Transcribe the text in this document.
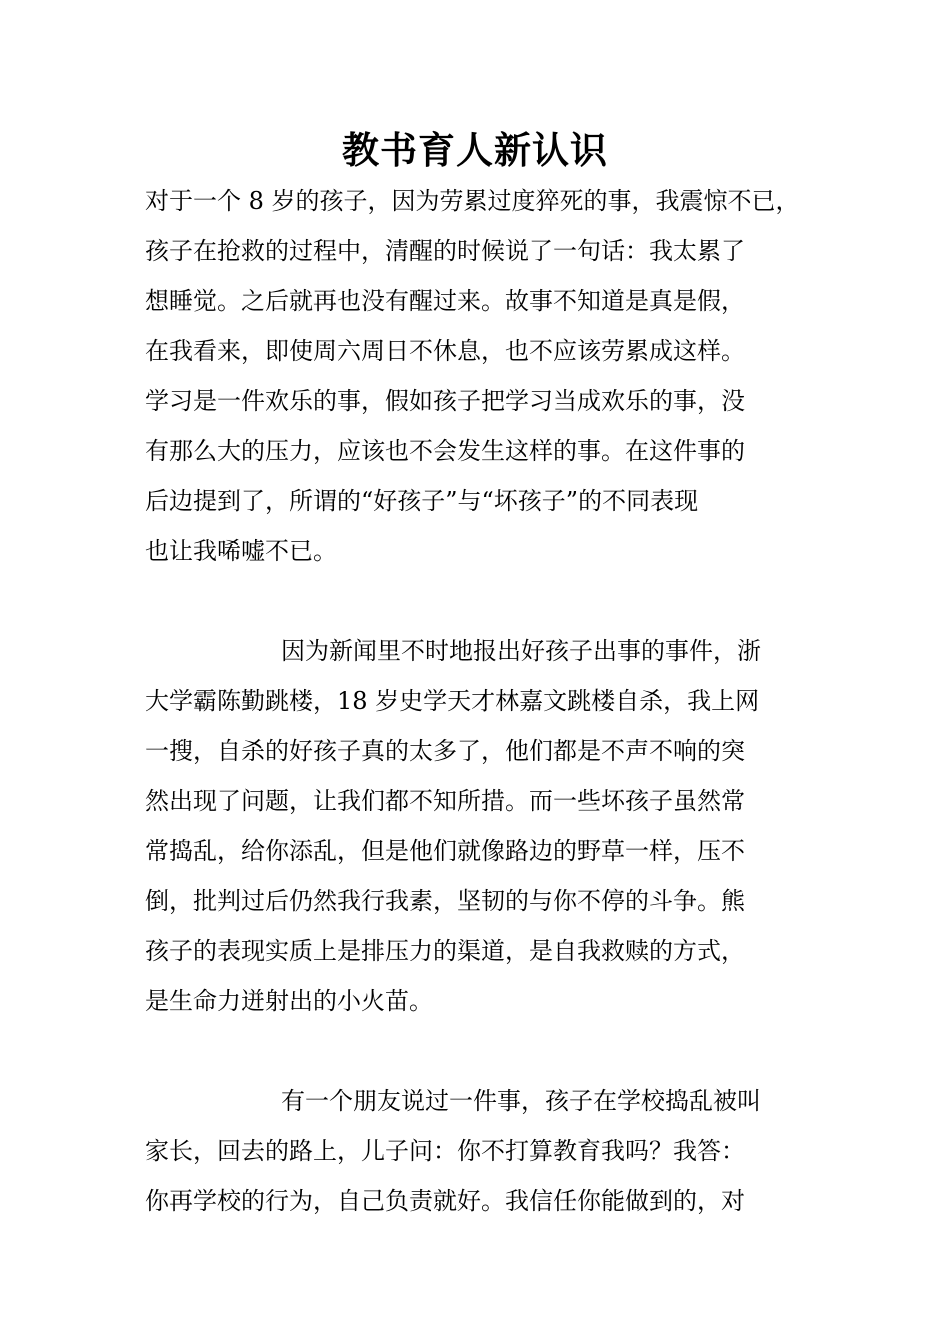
教书育人新认识
对于一个 8 岁的孩子，因为劳累过度猝死的事，我震惊不已，
孩子在抢救的过程中，清醒的时候说了一句话：我太累了
想睡觉。之后就再也没有醒过来。故事不知道是真是假，
在我看来，即使周六周日不休息，也不应该劳累成这样。
学习是一件欢乐的事，假如孩子把学习当成欢乐的事，没
有那么大的压力，应该也不会发生这样的事。在这件事的
后边提到了，所谓的“好孩子”与“坏孩子”的不同表现
也让我唏嘘不已。
因为新闻里不时地报出好孩子出事的事件，浙
大学霸陈勤跳楼，18 岁史学天才林嘉文跳楼自杀，我上网
一搜，自杀的好孩子真的太多了，他们都是不声不响的突
然出现了问题，让我们都不知所措。而一些坏孩子虽然常
常捣乱，给你添乱，但是他们就像路边的野草一样，压不
倒，批判过后仍然我行我素，坚韧的与你不停的斗争。熊
孩子的表现实质上是排压力的渠道，是自我救赎的方式，
是生命力迸射出的小火苗。
有一个朋友说过一件事，孩子在学校捣乱被叫
家长，回去的路上，儿子问：你不打算教育我吗？我答：
你再学校的行为，自己负责就好。我信任你能做到的，对
